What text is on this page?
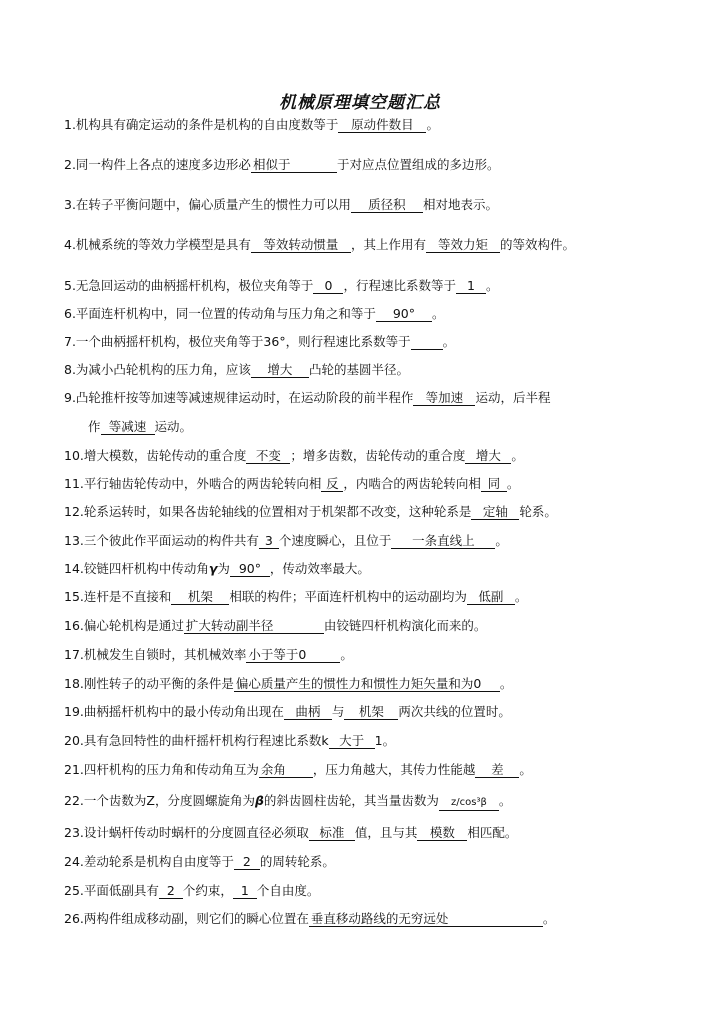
机械原理填空题汇总
1.机构具有确定运动的条件是机构的自由度数等于 原动件数目 。
2.同一构件上各点的速度多边形必 相似于	于对应点位置组成的多边形。
3.在转子平衡问题中，偏心质量产生的惯性力可以用 质径积 相对地表示。
4.机械系统的等效力学模型是具有 等效转动惯量 ，其上作用有 等效力矩 的等效构件。
5.无急回运动的曲柄摇杆机构，极位夹角等于 0 ，行程速比系数等于 1 。
6.平面连杆机构中，同一位置的传动角与压力角之和等于 90° 。
7.一个曲柄摇杆机构，极位夹角等于36°，则行程速比系数等于	。
8.为减小凸轮机构的压力角，应该 增大 凸轮的基圆半径。
9.凸轮推杆按等加速等减速规律运动时，在运动阶段的前半程作 等加速 运动，后半程
作 等减速 运动。
10.增大模数，齿轮传动的重合度 不变 ；增多齿数，齿轮传动的重合度 增大 。
11.平行轴齿轮传动中，外啮合的两齿轮转向相 反 ，内啮合的两齿轮转向相 同 。
12.轮系运转时，如果各齿轮轴线的位置相对于机架都不改变，这种轮系是 定轴 轮系。
13.三个彼此作平面运动的构件共有 3 个速度瞬心，且位于 一条直线上 。
14.铰链四杆机构中传动角γ为 90° ，传动效率最大。
15.连杆是不直接和 机架 相联的构件；平面连杆机构中的运动副均为 低副 。
16.偏心轮机构是通过 扩大转动副半径	由铰链四杆机构演化而来的。
17.机械发生自锁时，其机械效率 小于等于0	。
18.刚性转子的动平衡的条件是 偏心质量产生的惯性力和惯性力矩矢量和为0 。
19.曲柄摇杆机构中的最小传动角出现在 曲柄 与 机架 两次共线的位置时。
20.具有急回特性的曲杆摇杆机构行程速比系数k 大于 1。
21.四杆机构的压力角和传动角互为 余角 ，压力角越大，其传力性能越 差 。
22.一个齿数为Z，分度圆螺旋角为β的斜齿圆柱齿轮，其当量齿数为 z/cos³β 。
23.设计蜗杆传动时蜗杆的分度圆直径必须取 标准 值，且与其 模数 相匹配。
24.差动轮系是机构自由度等于 2 的周转轮系。
25.平面低副具有 2 个约束， 1 个自由度。
26.两构件组成移动副，则它们的瞬心位置在 垂直移动路线的无穷远处	。
